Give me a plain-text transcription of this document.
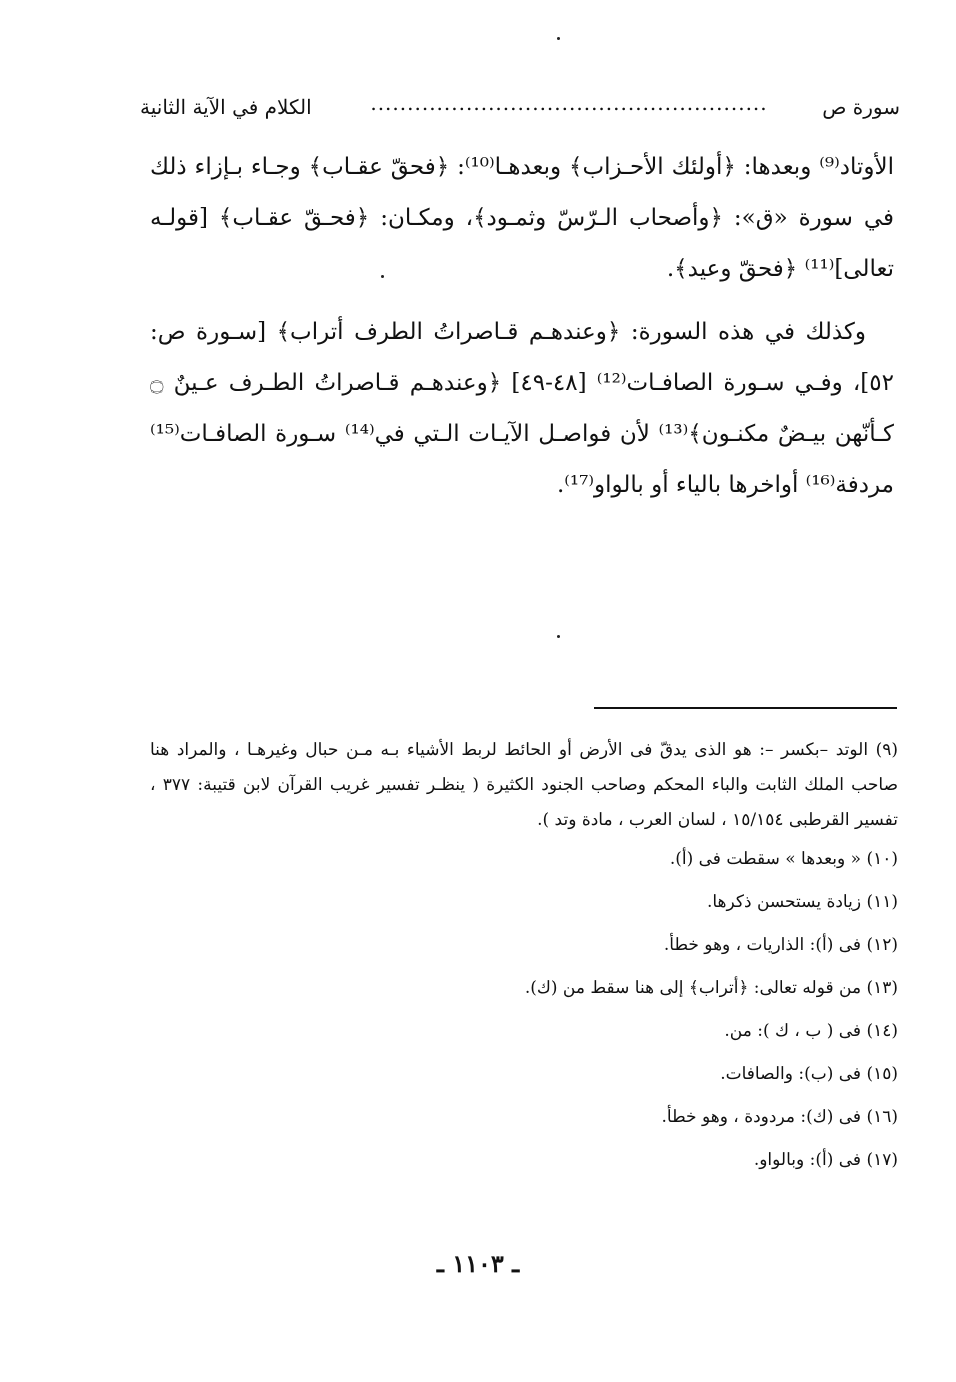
سورة ص
......................................................
الكلام في الآية الثانية

الأوتاد⁽⁹⁾ وبعدها: ﴿أولئك الأحـزاب﴾ وبعدهـا⁽¹⁰⁾: ﴿فحقّ عقـاب﴾ وجـاء بـإزاء ذلك في سورة «ق»: ﴿وأصحاب الـرّسّ وثمـود﴾، ومكـان: ﴿فحـقّ عقـاب﴾ [قولـه تعالى]⁽¹¹⁾ ﴿فحقّ وعيد﴾.

وكذلك في هذه السورة: ﴿وعندهـم قـاصراتُ الطرف أتراب﴾ [سـورة ص: ٥٢]، وفـي سـورة الصافـات⁽¹²⁾ [٤٨-٤٩] ﴿وعندهـم قـاصراتُ الطـرف عـينٌ ۝ كـأنّهن بيـضٌ مكنـون﴾⁽¹³⁾ لأن فواصـل الآيـات الـتي في⁽¹⁴⁾ سـورة الصافـات⁽¹⁵⁾ مردفة⁽¹⁶⁾ أواخرها بالياء أو بالواو⁽¹⁷⁾.

(٩) الوتد –بكسر –: هو الذى يدقّ فى الأرض أو الحائط لربط الأشياء بـه مـن حبال وغيرهـا ، والمراد هنا صاحب الملك الثابت والباء المحكم وصاحب الجنود الكثيرة ( ينظـر تفسير غريب القرآن لابن قتيبة: ٣٧٧ ، تفسير القرطبى ١٥/١٥٤ ، لسان العرب ، مادة وتد ).

(١٠) « وبعدها » سقطت فى (أ).

(١١) زيادة يستحسن ذكرها.

(١٢) فى (أ): الذاريات ، وهو خطأ.

(١٣) من قوله تعالى: ﴿أتراب﴾ إلى هنا سقط من (ك).

(١٤) فى ( ب ، ك ): من.

(١٥) فى (ب): والصافات.

(١٦) فى (ك): مردودة ، وهو خطأ.

(١٧) فى (أ): وبالواو.

ـ ١١٠٣ ـ
